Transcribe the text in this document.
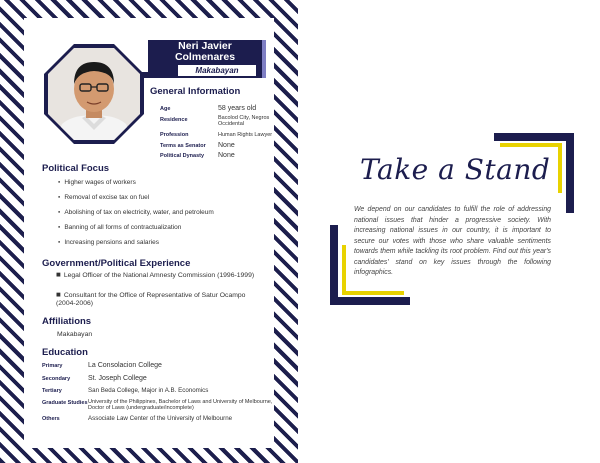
Neri Javier
Colmenares
Makabayan
General Information
Age	58 years old
Residence	Bacolod City, Negros Occidental
Profession	Human Rights Lawyer
Terms as Senator None
Political Dynasty None
Political Focus
▪ Higher wages of workers
▪ Removal of excise tax on fuel
▪ Abolishing of tax on electricity, water, and petroleum
▪ Banning of all forms of contractualization
▪ Increasing pensions and salaries
Government/Political Experience
■ Legal Officer of the National Amnesty Commission (1996-1999)
■ Consultant for the Office of Representative of Satur Ocampo (2004-2006)
Affiliations
Makabayan
Education
Primary	La Consolacion College
Secondary	St. Joseph College
Tertiary	San Beda College, Major in A.B. Economics
Graduate Studies University of the Philippines, Bachelor of Laws and University of Melbourne, Doctor of Laws (undergraduate/incomplete)
Others	Associate Law Center of the University of Melbourne
Take a Stand
We depend on our candidates to fulfill the role of addressing national issues that hinder a progressive society. With increasing national issues in our country, it is important to secure our votes with those who share valuable sentiments towards them while tackling its root problem. Find out this year's candidates' stand on key issues through the following infographics.
